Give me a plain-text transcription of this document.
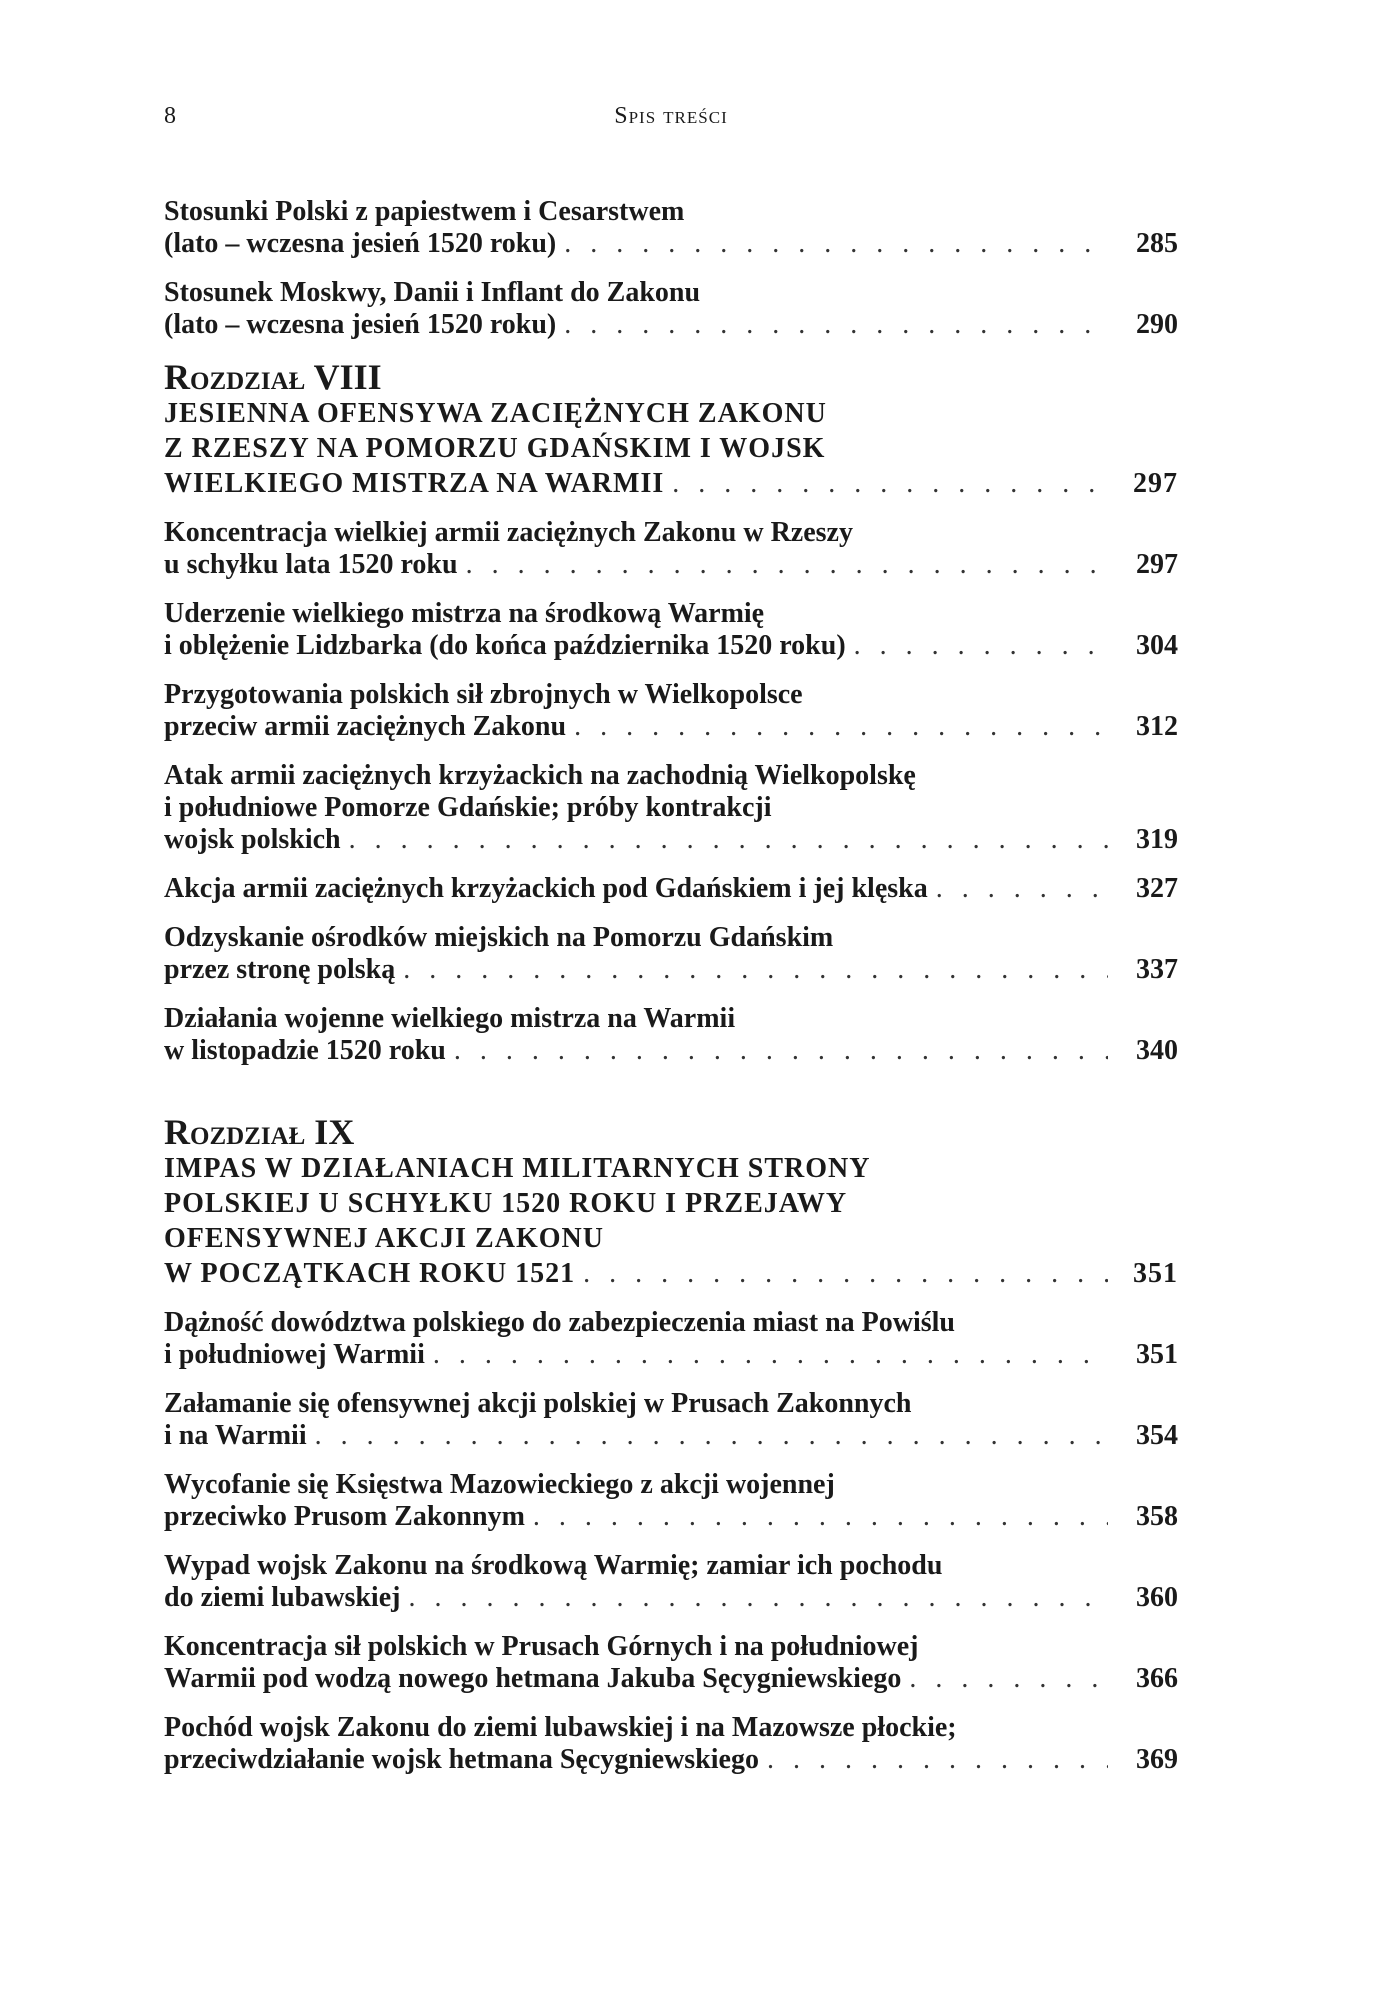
8	Spis treści
Stosunki Polski z papiestwem i Cesarstwem
(lato – wczesna jesień 1520 roku) . . .	285
Stosunek Moskwy, Danii i Inflant do Zakonu
(lato – wczesna jesień 1520 roku) . . .	290
Rozdział VIII
JESIENNA OFENSYWA ZACIĘŻNYCH ZAKONU
Z RZESZY NA POMORZU GDAŃSKIM I WOJSK
WIELKIEGO MISTRZA NA WARMII . . .	297
Koncentracja wielkiej armii zaciężnych Zakonu w Rzeszy
u schyłku lata 1520 roku . . .	297
Uderzenie wielkiego mistrza na środkową Warmię
i oblężenie Lidzbarka (do końca października 1520 roku) . . .	304
Przygotowania polskich sił zbrojnych w Wielkopolsce
przeciw armii zaciężnych Zakonu . . .	312
Atak armii zaciężnych krzyżackich na zachodnią Wielkopolskę
i południowe Pomorze Gdańskie; próby kontrakcji
wojsk polskich . . .	319
Akcja armii zaciężnych krzyżackich pod Gdańskiem i jej klęska . . .	327
Odzyskanie ośrodków miejskich na Pomorzu Gdańskim
przez stronę polską . . .	337
Działania wojenne wielkiego mistrza na Warmii
w listopadzie 1520 roku . . .	340
Rozdział IX
IMPAS W DZIAŁANIACH MILITARNYCH STRONY
POLSKIEJ U SCHYŁKU 1520 ROKU I PRZEJAWY
OFENSYWNEJ AKCJI ZAKONU
W POCZĄTKACH ROKU 1521 . . .	351
Dążność dowództwa polskiego do zabezpieczenia miast na Powiślu
i południowej Warmii . . .	351
Załamanie się ofensywnej akcji polskiej w Prusach Zakonnych
i na Warmii . . .	354
Wycofanie się Księstwa Mazowieckiego z akcji wojennej
przeciwko Prusom Zakonnym . . .	358
Wypad wojsk Zakonu na środkową Warmię; zamiar ich pochodu
do ziemi lubawskiej . . .	360
Koncentracja sił polskich w Prusach Górnych i na południowej
Warmii pod wodzą nowego hetmana Jakuba Sęcygniewskiego . . .	366
Pochód wojsk Zakonu do ziemi lubawskiej i na Mazowsze płockie;
przeciwdziałanie wojsk hetmana Sęcygniewskiego . . .	369
